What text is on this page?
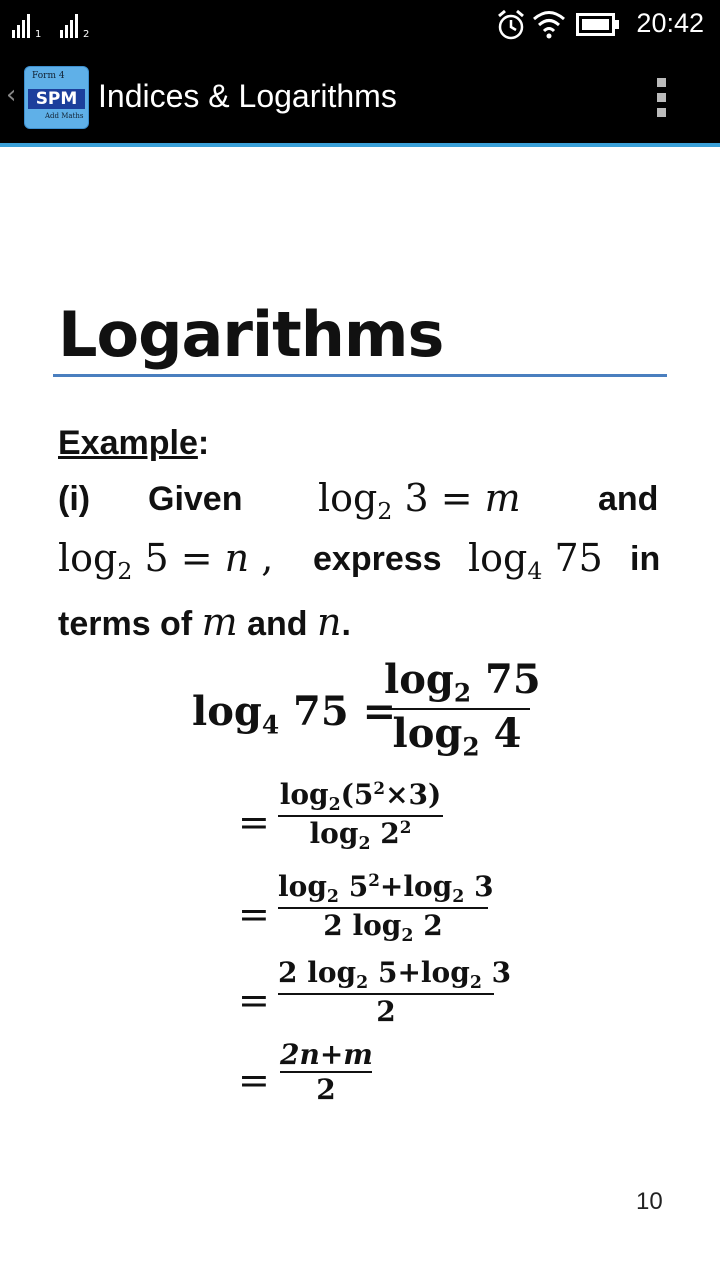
1	2	20:42
‹
Form 4
SPM
Add Maths
Indices & Logarithms
Logarithms
Example:
(i) Given $\log_2 3 = m$ and
$\log_2 5 = n$ , express $\log_4 75$ in
terms of m and n.
$\log_4 75$ =
$\log_2 75$
$\log_2 4$
=
$\log_2(5^2\times 3)$
$\log_2 2^2$
=
$\log_2 5^2+\log_2$ 3
2 $\log_2 2$
=
2 $\log_2 5+\log_2$ 3
2
=
2n+m
2
10
